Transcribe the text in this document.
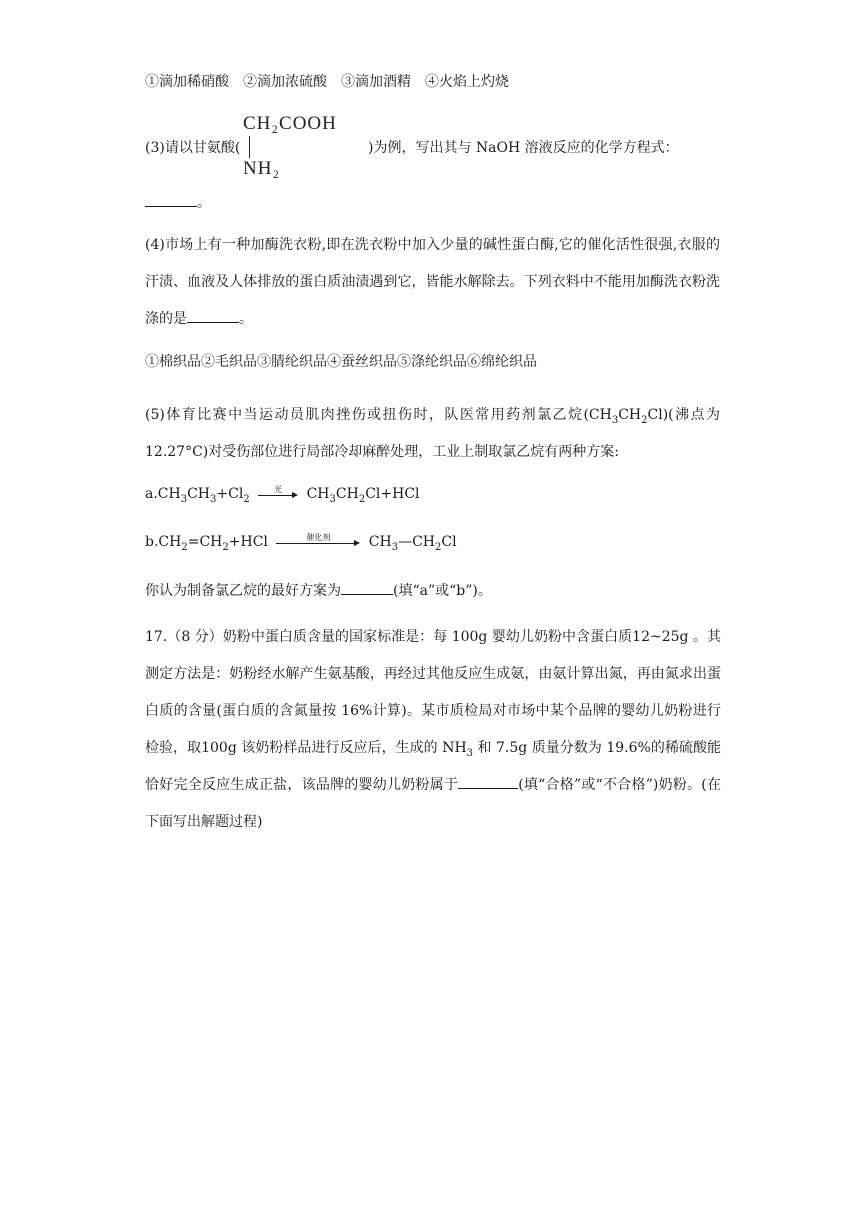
①滴加稀硝酸　②滴加浓硫酸　③滴加酒精　④火焰上灼烧
(3)请以甘氨酸(
CH₂COOH
NH₂
)为例，写出其与 NaOH 溶液反应的化学方程式：
。
(4)市场上有一种加酶洗衣粉,即在洗衣粉中加入少量的碱性蛋白酶,它的催化活性很强,衣服的汗渍、血液及人体排放的蛋白质油渍遇到它，皆能水解除去。下列衣料中不能用加酶洗衣粉洗涤的是	。
①棉织品②毛织品③腈纶织品④蚕丝织品⑤涤纶织品⑥绵纶织品
(5)体育比赛中当运动员肌肉挫伤或扭伤时，队医常用药剂氯乙烷$(CH_3CH_2Cl)$(沸点为 12.27°C)对受伤部位进行局部冷却麻醉处理，工业上制取氯乙烷有两种方案:
$a.CH_3CH_3+Cl_2$
光	$CH_3CH_2Cl+HCl$
$b.CH_2=CH_2+HCl$	催化剂	$CH_3—CH_2Cl$
你认为制备氯乙烷的最好方案为	(填“a”或“b”)。
17.（8 分）奶粉中蛋白质含量的国家标准是：每 100g 婴幼儿奶粉中含蛋白质12~25g 。其测定方法是：奶粉经水解产生氨基酸，再经过其他反应生成氨，由氨计算出氮，再由氮求出蛋白质的含量(蛋白质的含氮量按 16%计算)。某市质检局对市场中某个品牌的婴幼儿奶粉进行检验，取100g 该奶粉样品进行反应后，生成的 $NH_3$ 和 7.5g 质量分数为 19.6%的稀硫酸能恰好完全反应生成正盐，该品牌的婴幼儿奶粉属于	(填“合格”或“不合格”)奶粉。(在下面写出解题过程)
